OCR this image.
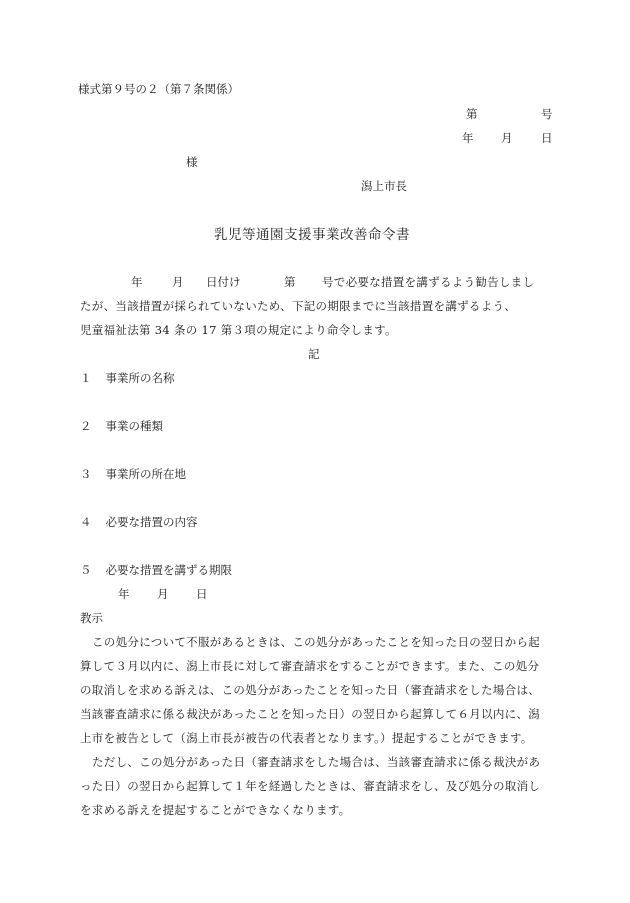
様式第９号の２（第７条関係）
第	号
年 月 日
様
潟上市長
乳児等通園支援事業改善命令書
年	月 日付け	第 号で必要な措置を講ずるよう勧告しまし
たが、当該措置が採られていないため、下記の期限までに当該措置を講ずるよう、
児童福祉法第 34 条の 17 第３項の規定により命令します。
記
１ 事業所の名称
２ 事業の種類
３ 事業所の所在地
４ 必要な措置の内容
５ 必要な措置を講ずる期限
年 月 日
教示
この処分について不服があるときは、この処分があったことを知った日の翌日から起
算して３月以内に、潟上市長に対して審査請求をすることができます。また、この処分
の取消しを求める訴えは、この処分があったことを知った日（審査請求をした場合は、
当該審査請求に係る裁決があったことを知った日）の翌日から起算して６月以内に、潟
上市を被告として（潟上市長が被告の代表者となります。）提起することができます。
ただし、この処分があった日（審査請求をした場合は、当該審査請求に係る裁決があ
った日）の翌日から起算して１年を経過したときは、審査請求をし、及び処分の取消し
を求める訴えを提起することができなくなります。
